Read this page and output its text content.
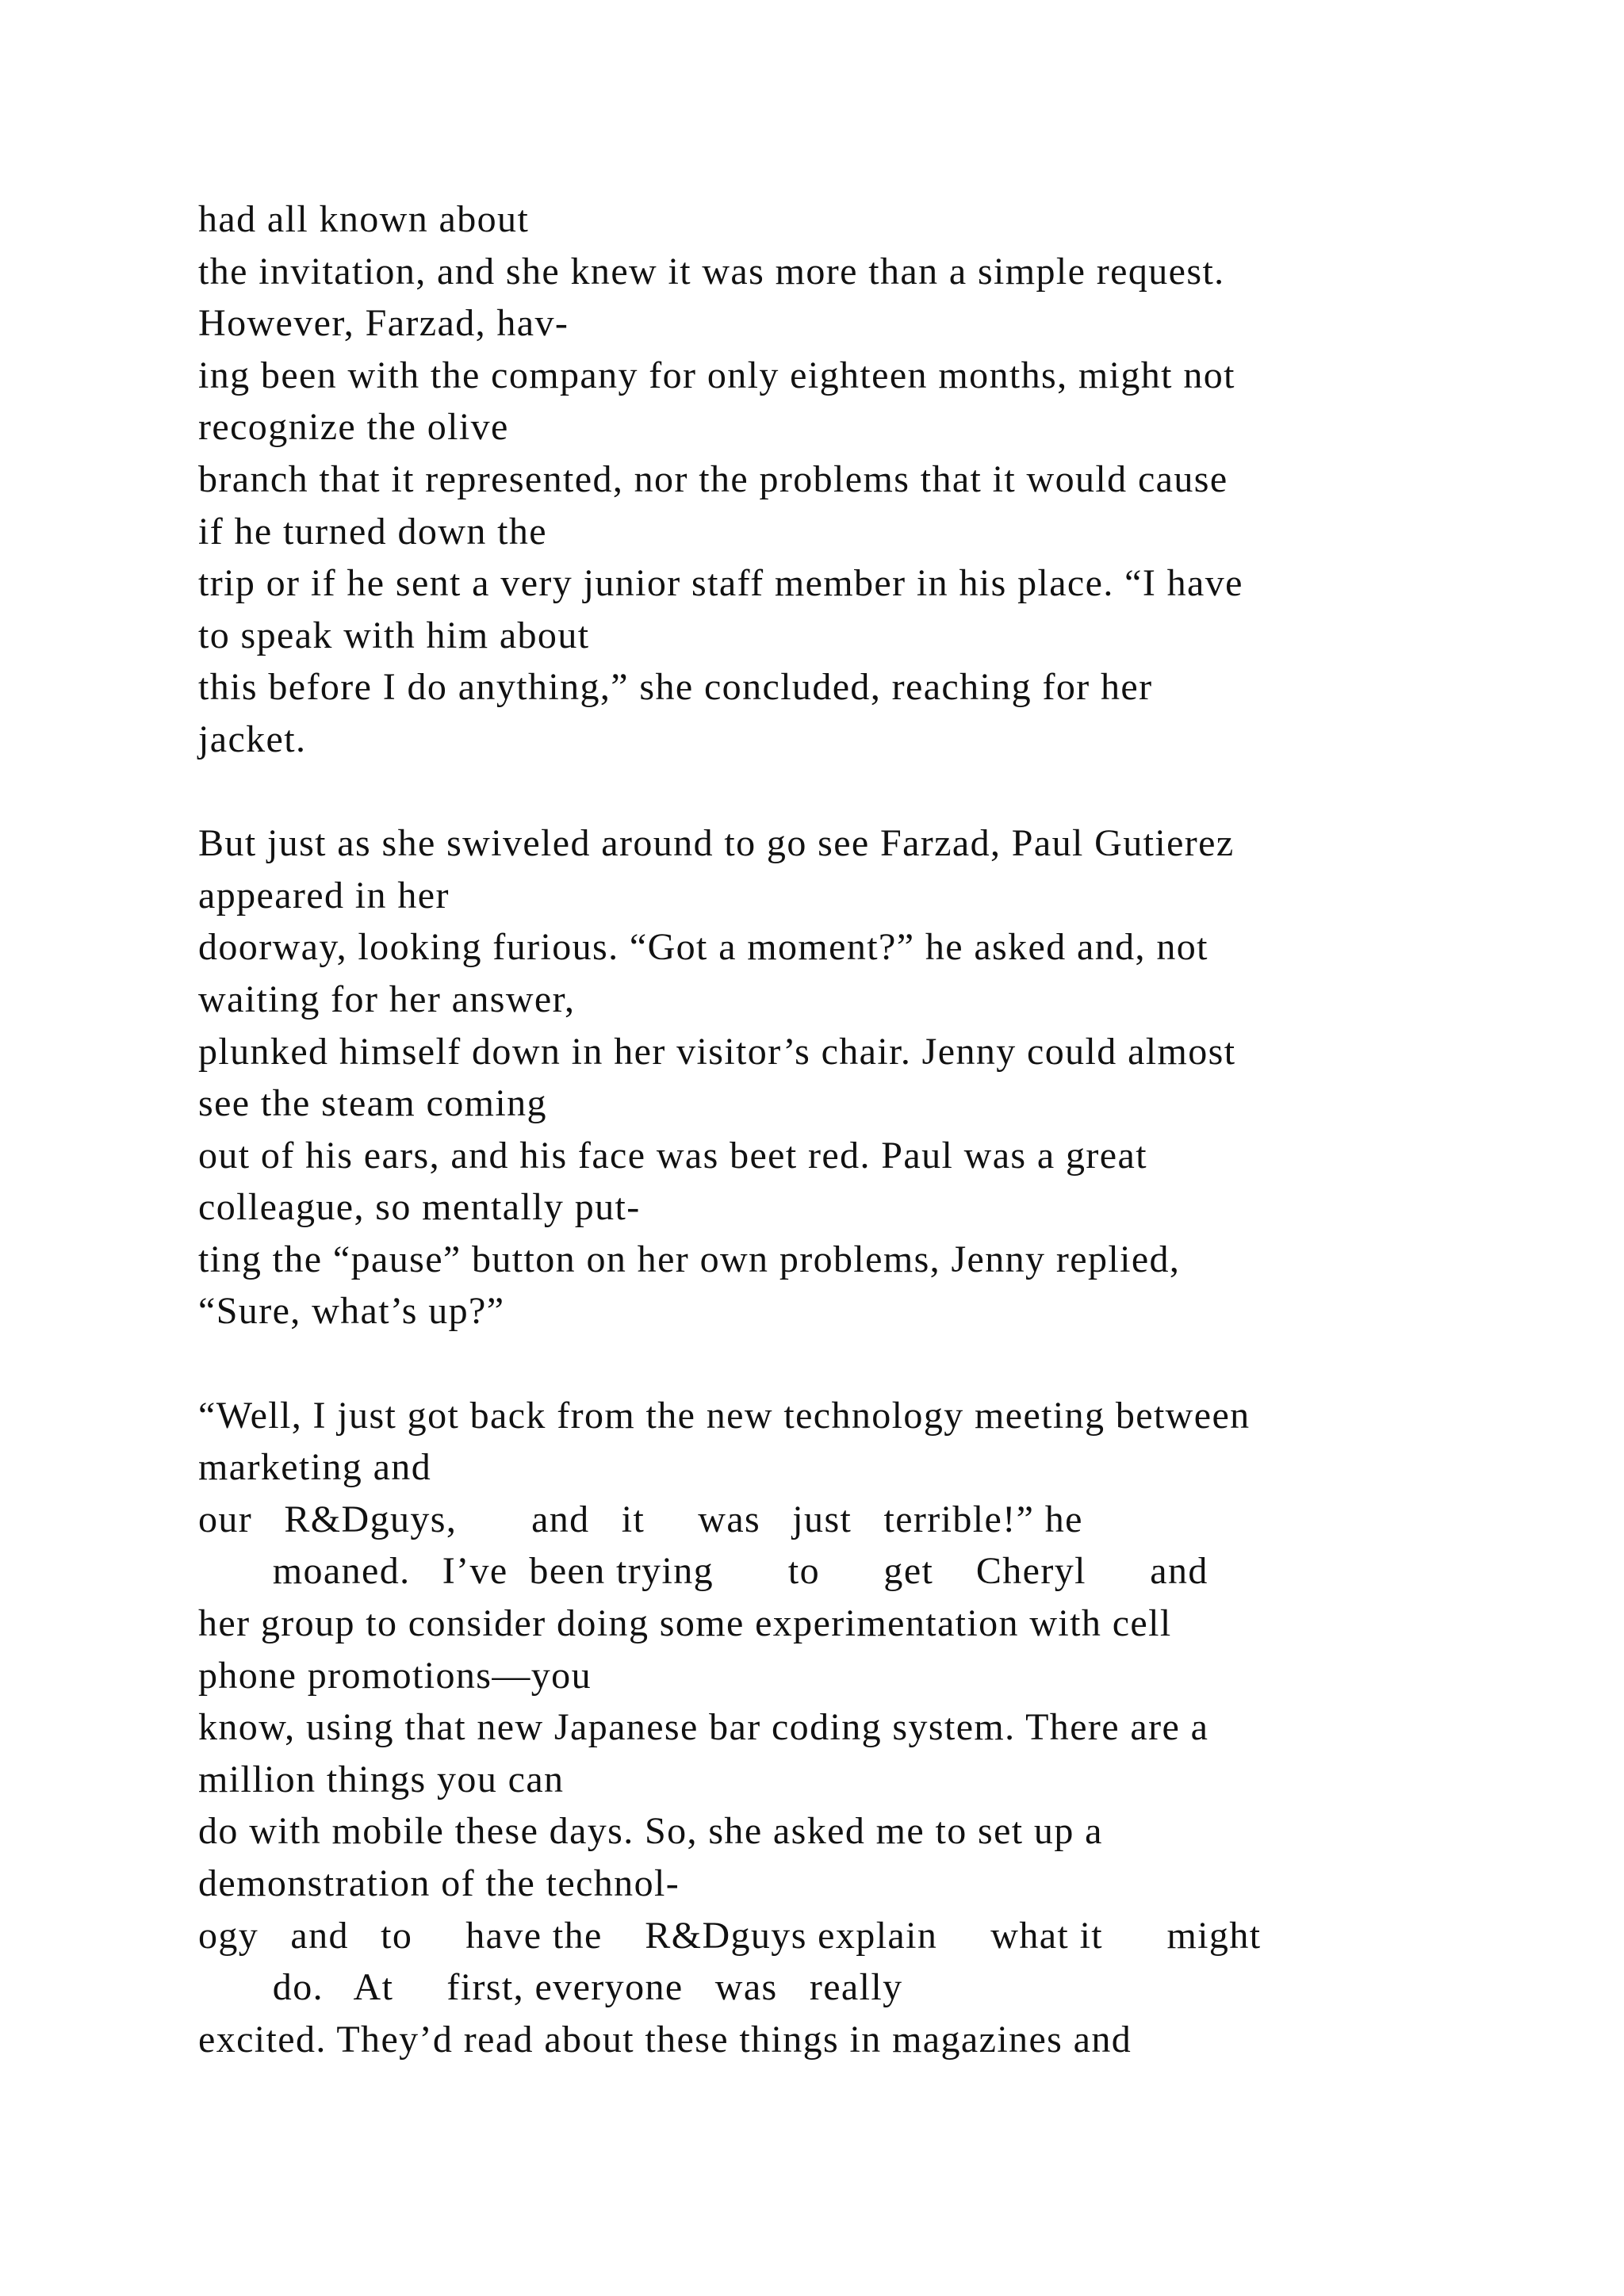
had all known about
the invitation, and she knew it was more than a simple request.
However, Farzad, hav-
ing been with the company for only eighteen months, might not
recognize the olive
branch that it represented, nor the problems that it would cause
if he turned down the
trip or if he sent a very junior staff member in his place. “I have
to speak with him about
this before I do anything,” she concluded, reaching for her
jacket.
But just as she swiveled around to go see Farzad, Paul Gutierez
appeared in her
doorway, looking furious. “Got a moment?” he asked and, not
waiting for her answer,
plunked himself down in her visitor’s chair. Jenny could almost
see the steam coming
out of his ears, and his face was beet red. Paul was a great
colleague, so mentally put-
ting the “pause” button on her own problems, Jenny replied,
“Sure, what’s up?”
“Well, I just got back from the new technology meeting between
marketing and
our   R&Dguys,       and   it     was   just   terrible!” he
moaned.   I’ve  been trying       to      get    Cheryl      and
her group to consider doing some experimentation with cell
phone promotions—you
know, using that new Japanese bar coding system. There are a
million things you can
do with mobile these days. So, she asked me to set up a
demonstration of the technol-
ogy   and   to     have the    R&Dguys explain     what it      might
do.   At     first, everyone   was   really
excited. They’d read about these things in magazines and
